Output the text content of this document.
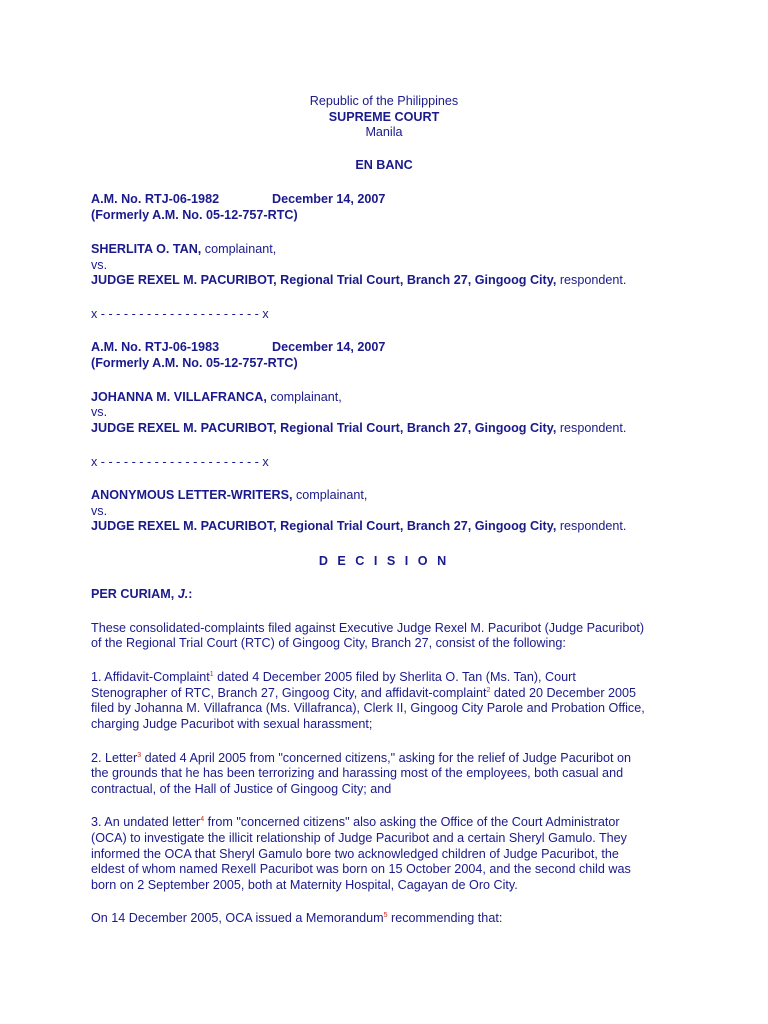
Republic of the Philippines
SUPREME COURT
Manila
EN BANC
A.M. No. RTJ-06-1982	December 14, 2007
(Formerly A.M. No. 05-12-757-RTC)
SHERLITA O. TAN, complainant,
vs.
JUDGE REXEL M. PACURIBOT, Regional Trial Court, Branch 27, Gingoog City, respondent.
x - - - - - - - - - - - - - - - - - - - - - x
A.M. No. RTJ-06-1983	December 14, 2007
(Formerly A.M. No. 05-12-757-RTC)
JOHANNA M. VILLAFRANCA, complainant,
vs.
JUDGE REXEL M. PACURIBOT, Regional Trial Court, Branch 27, Gingoog City, respondent.
x - - - - - - - - - - - - - - - - - - - - - x
ANONYMOUS LETTER-WRITERS, complainant,
vs.
JUDGE REXEL M. PACURIBOT, Regional Trial Court, Branch 27, Gingoog City, respondent.
D E C I S I O N
PER CURIAM, J.:
These consolidated-complaints filed against Executive Judge Rexel M. Pacuribot (Judge Pacuribot)
of the Regional Trial Court (RTC) of Gingoog City, Branch 27, consist of the following:
1. Affidavit-Complaint$^1$ dated 4 December 2005 filed by Sherlita O. Tan (Ms. Tan), Court
Stenographer of RTC, Branch 27, Gingoog City, and affidavit-complaint$^2$ dated 20 December 2005
filed by Johanna M. Villafranca (Ms. Villafranca), Clerk II, Gingoog City Parole and Probation Office,
charging Judge Pacuribot with sexual harassment;
2. Letter$^3$ dated 4 April 2005 from "concerned citizens," asking for the relief of Judge Pacuribot on
the grounds that he has been terrorizing and harassing most of the employees, both casual and
contractual, of the Hall of Justice of Gingoog City; and
3. An undated letter$^4$ from "concerned citizens" also asking the Office of the Court Administrator
(OCA) to investigate the illicit relationship of Judge Pacuribot and a certain Sheryl Gamulo. They
informed the OCA that Sheryl Gamulo bore two acknowledged children of Judge Pacuribot, the
eldest of whom named Rexell Pacuribot was born on 15 October 2004, and the second child was
born on 2 September 2005, both at Maternity Hospital, Cagayan de Oro City.
On 14 December 2005, OCA issued a Memorandum$^5$ recommending that:
